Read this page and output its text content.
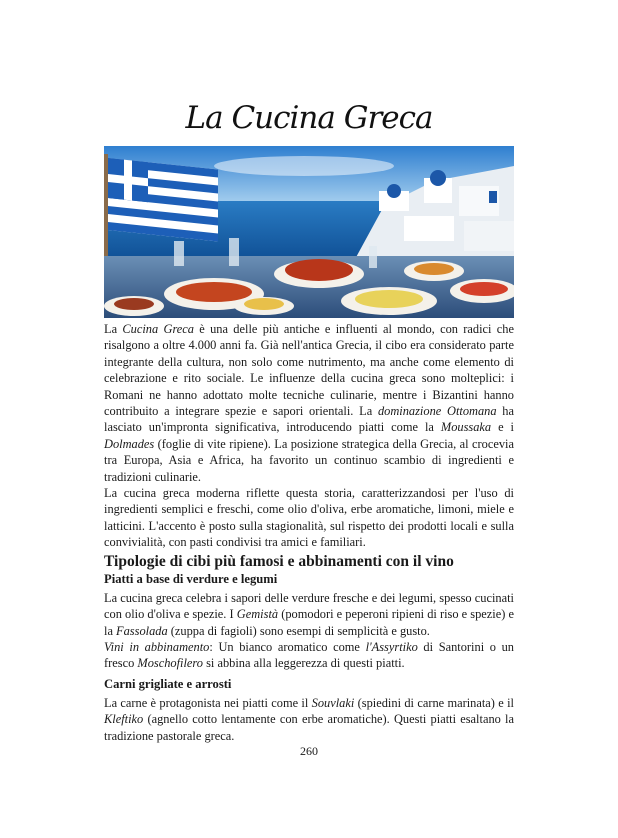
La Cucina Greca

La Cucina Greca è una delle più antiche e influenti al mondo, con radici che risalgono a oltre 4.000 anni fa. Già nell'antica Grecia, il cibo era considerato parte integrante della cultura, non solo come nutrimento, ma anche come elemento di celebrazione e rito sociale. Le influenze della cucina greca sono molteplici: i Romani ne hanno adottato molte tecniche culinarie, mentre i Bizantini hanno contribuito a integrare spezie e sapori orientali. La dominazione Ottomana ha lasciato un'impronta significativa, introducendo piatti come la Moussaka e i Dolmades (foglie di vite ripiene). La posizione strategica della Grecia, al crocevia tra Europa, Asia e Africa, ha favorito un continuo scambio di ingredienti e tradizioni culinarie.

La cucina greca moderna riflette questa storia, caratterizzandosi per l'uso di ingredienti semplici e freschi, come olio d'oliva, erbe aromatiche, limoni, miele e latticini. L'accento è posto sulla stagionalità, sul rispetto dei prodotti locali e sulla convivialità, con pasti condivisi tra amici e familiari.

Tipologie di cibi più famosi e abbinamenti con il vino
Piatti a base di verdure e legumi

La cucina greca celebra i sapori delle verdure fresche e dei legumi, spesso cucinati con olio d'oliva e spezie. I Gemistà (pomodori e peperoni ripieni di riso e spezie) e la Fassolada (zuppa di fagioli) sono esempi di semplicità e gusto.

Vini in abbinamento: Un bianco aromatico come l'Assyrtiko di Santorini o un fresco Moschofilero si abbina alla leggerezza di questi piatti.

Carni grigliate e arrosti

La carne è protagonista nei piatti come il Souvlaki (spiedini di carne marinata) e il Kleftiko (agnello cotto lentamente con erbe aromatiche). Questi piatti esaltano la tradizione pastorale greca.

260
